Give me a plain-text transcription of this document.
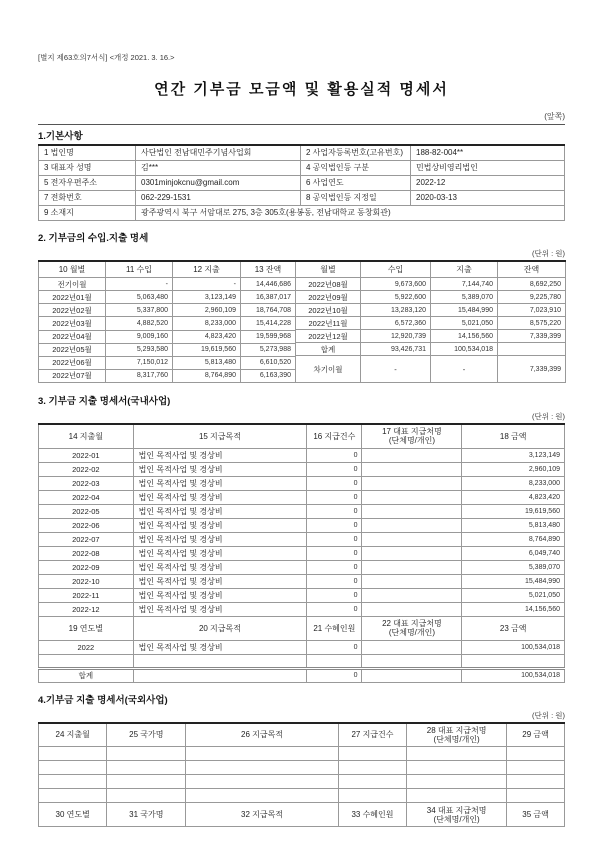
[별지 제63호의7서식] <개정 2021. 3. 16.>
연간 기부금 모금액 및 활용실적 명세서
(앞쪽)
1.기본사항
1 법인명	사단법인 전남대민주기념사업회	2 사업자등록번호(고유번호)	188-82-004**
3 대표자 성명	김***	4 공익법인등 구분	민법상비영리법인
5 전자우편주소	0301minjokcnu@gmail.com	6 사업연도	2022-12
7 전화번호	062-229-1531	8 공익법인등 지정일	2020-03-13
9 소재지	광주광역시 북구 서암대로 275, 3층 305호(용봉동, 전남대학교 동창회관)		
2. 기부금의 수입.지출 명세
(단위 : 원)
10 월별	11 수입	12 지출	13 잔액
전기이월	-	-	14,446,686
2022년01월	5,063,480	3,123,149	16,387,017
2022년02월	5,337,800	2,960,109	18,764,708
2022년03월	4,882,520	8,233,000	15,414,228
2022년04월	9,009,160	4,823,420	19,599,968
2022년05월	5,293,580	19,619,560	5,273,988
2022년06월	7,150,012	5,813,480	6,610,520
2022년07월	8,317,760	8,764,890	6,163,390
월별	수입	지출	잔액
2022년08월	9,673,600	7,144,740	8,692,250
2022년09월	5,922,600	5,389,070	9,225,780
2022년10월	13,283,120	15,484,990	7,023,910
2022년11월	6,572,360	5,021,050	8,575,220
2022년12월	12,920,739	14,156,560	7,339,399
합계	93,426,731	100,534,018	
차기이월	-	-	7,339,399
3. 기부금 지출 명세서(국내사업)
(단위 : 원)
14 지출월	15 지급목적	16 지급건수	17 대표 지급처명
(단체명/개인)	18 금액
2022-01	법인 목적사업 및 경상비	0		3,123,149
2022-02	법인 목적사업 및 경상비	0		2,960,109
2022-03	법인 목적사업 및 경상비	0		8,233,000
2022-04	법인 목적사업 및 경상비	0		4,823,420
2022-05	법인 목적사업 및 경상비	0		19,619,560
2022-06	법인 목적사업 및 경상비	0		5,813,480
2022-07	법인 목적사업 및 경상비	0		8,764,890
2022-08	법인 목적사업 및 경상비	0		6,049,740
2022-09	법인 목적사업 및 경상비	0		5,389,070
2022-10	법인 목적사업 및 경상비	0		15,484,990
2022-11	법인 목적사업 및 경상비	0		5,021,050
2022-12	법인 목적사업 및 경상비	0		14,156,560
19 연도별	20 지급목적	21 수혜인원	22 대표 지급처명
(단체명/개인)	23 금액
2022	법인 목적사업 및 경상비	0		100,534,018

합계		0		100,534,018
4.기부금 지출 명세서(국외사업)
(단위 : 원)
24 지출월	25 국가명	26 지급목적	27 지급건수	28 대표 지급처명
(단체명/개인)	29 금액

30 연도별	31 국가명	32 지급목적	33 수혜인원	34 대표 지급처명
(단체명/개인)	35 금액
